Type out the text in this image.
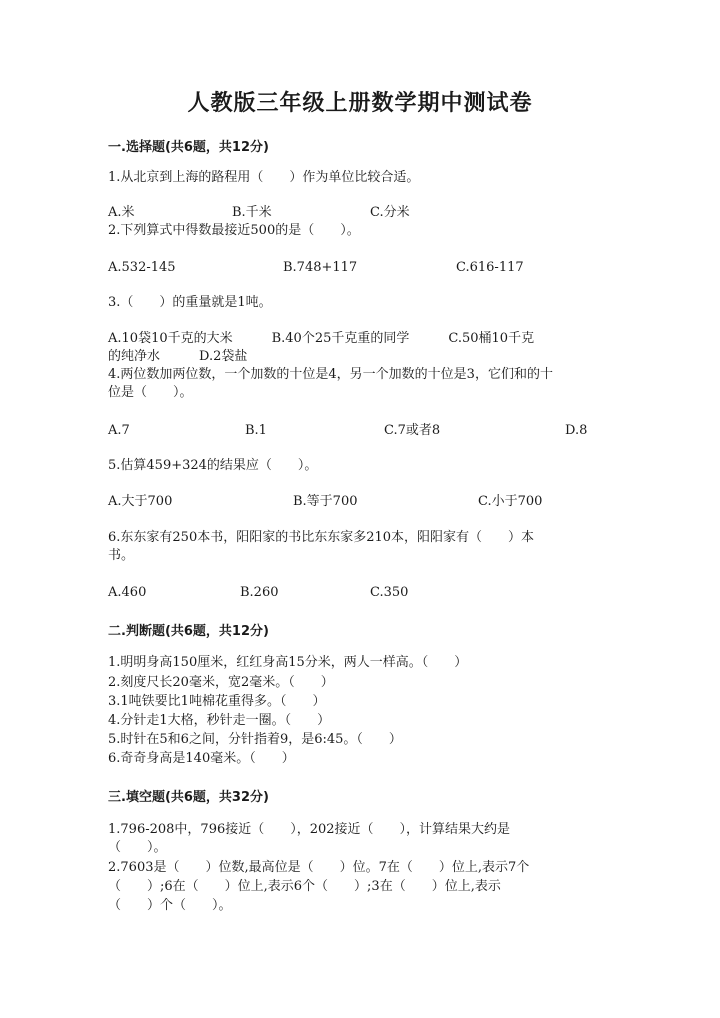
人教版三年级上册数学期中测试卷
一.选择题(共6题，共12分)
1.从北京到上海的路程用（　　）作为单位比较合适。
A.米	B.千米	C.分米
2.下列算式中得数最接近500的是（　　）。
A.532-145	B.748+117	C.616-117
3.（　　）的重量就是1吨。
A.10袋10千克的大米　　　B.40个25千克重的同学　　　C.50桶10千克
的纯净水　　　D.2袋盐
4.两位数加两位数，一个加数的十位是4，另一个加数的十位是3，它们和的十
位是（　　）。
A.7	B.1	C.7或者8	D.8
5.估算459+324的结果应（　　）。
A.大于700	B.等于700	C.小于700
6.东东家有250本书，阳阳家的书比东东家多210本，阳阳家有（　　）本
书。
A.460	B.260	C.350
二.判断题(共6题，共12分)
1.明明身高150厘米，红红身高15分米，两人一样高。（　　）
2.刻度尺长20毫米，宽2毫米。（　　）
3.1吨铁要比1吨棉花重得多。（　　）
4.分针走1大格，秒针走一圈。（　　）
5.时针在5和6之间，分针指着9，是6:45。（　　）
6.奇奇身高是140毫米。（　　）
三.填空题(共6题，共32分)
1.796-208中，796接近（　　），202接近（　　），计算结果大约是
（　　）。
2.7603是（　　）位数,最高位是（　　）位。7在（　　）位上,表示7个
（　　）;6在（　　）位上,表示6个（　　）;3在（　　）位上,表示
（　　）个（　　）。
